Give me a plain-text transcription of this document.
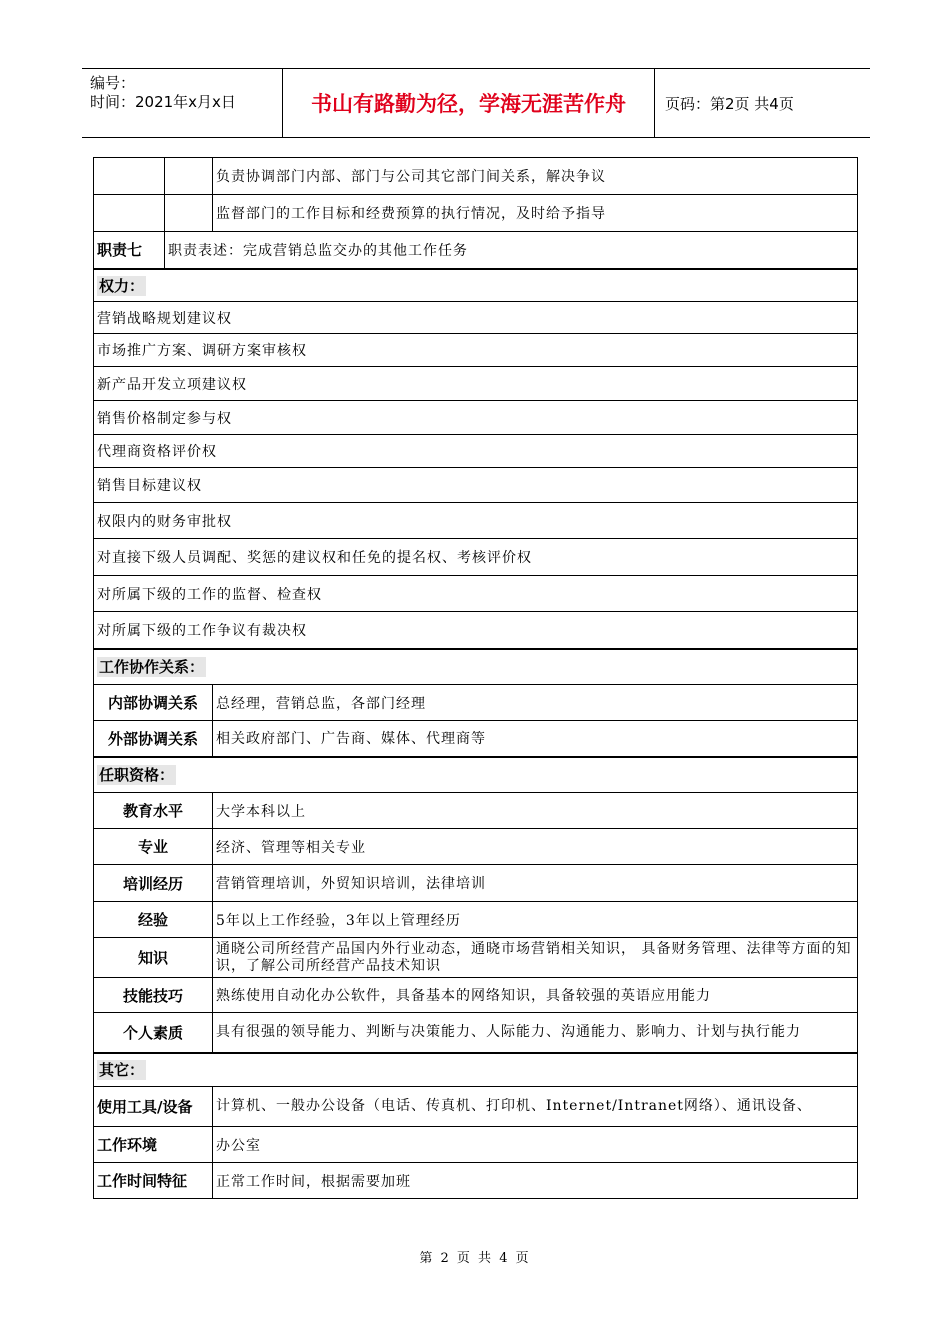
编号：
时间：2021年x月x日	书山有路勤为径，学海无涯苦作舟	页码：第2页 共4页
		负责协调部门内部、部门与公司其它部门间关系，解决争议
		监督部门的工作目标和经费预算的执行情况，及时给予指导
职责七	职责表述：完成营销总监交办的其他工作任务	
权力：		
营销战略规划建议权		
市场推广方案、调研方案审核权		
新产品开发立项建议权		
销售价格制定参与权		
代理商资格评价权		
销售目标建议权		
权限内的财务审批权		
对直接下级人员调配、奖惩的建议权和任免的提名权、考核评价权		
对所属下级的工作的监督、检查权		
对所属下级的工作争议有裁决权		
工作协作关系：		
内部协调关系		总经理，营销总监，各部门经理
外部协调关系		相关政府部门、广告商、媒体、代理商等
任职资格：		
教育水平		大学本科以上
专业		经济、管理等相关专业
培训经历		营销管理培训，外贸知识培训，法律培训
经验		5年以上工作经验，3年以上管理经历
知识		通晓公司所经营产品国内外行业动态，通晓市场营销相关知识， 具备财务管理、法律等方面的知识，了解公司所经营产品技术知识

技能技巧		熟练使用自动化办公软件，具备基本的网络知识，具备较强的英语应用能力
个人素质		具有很强的领导能力、判断与决策能力、人际能力、沟通能力、影响力、计划与执行能力

其它：		
使用工具/设备		计算机、一般办公设备（电话、传真机、打印机、Internet/Intranet网络）、通讯设备、

工作环境		办公室
工作时间特征		正常工作时间，根据需要加班
第 2 页 共 4 页
